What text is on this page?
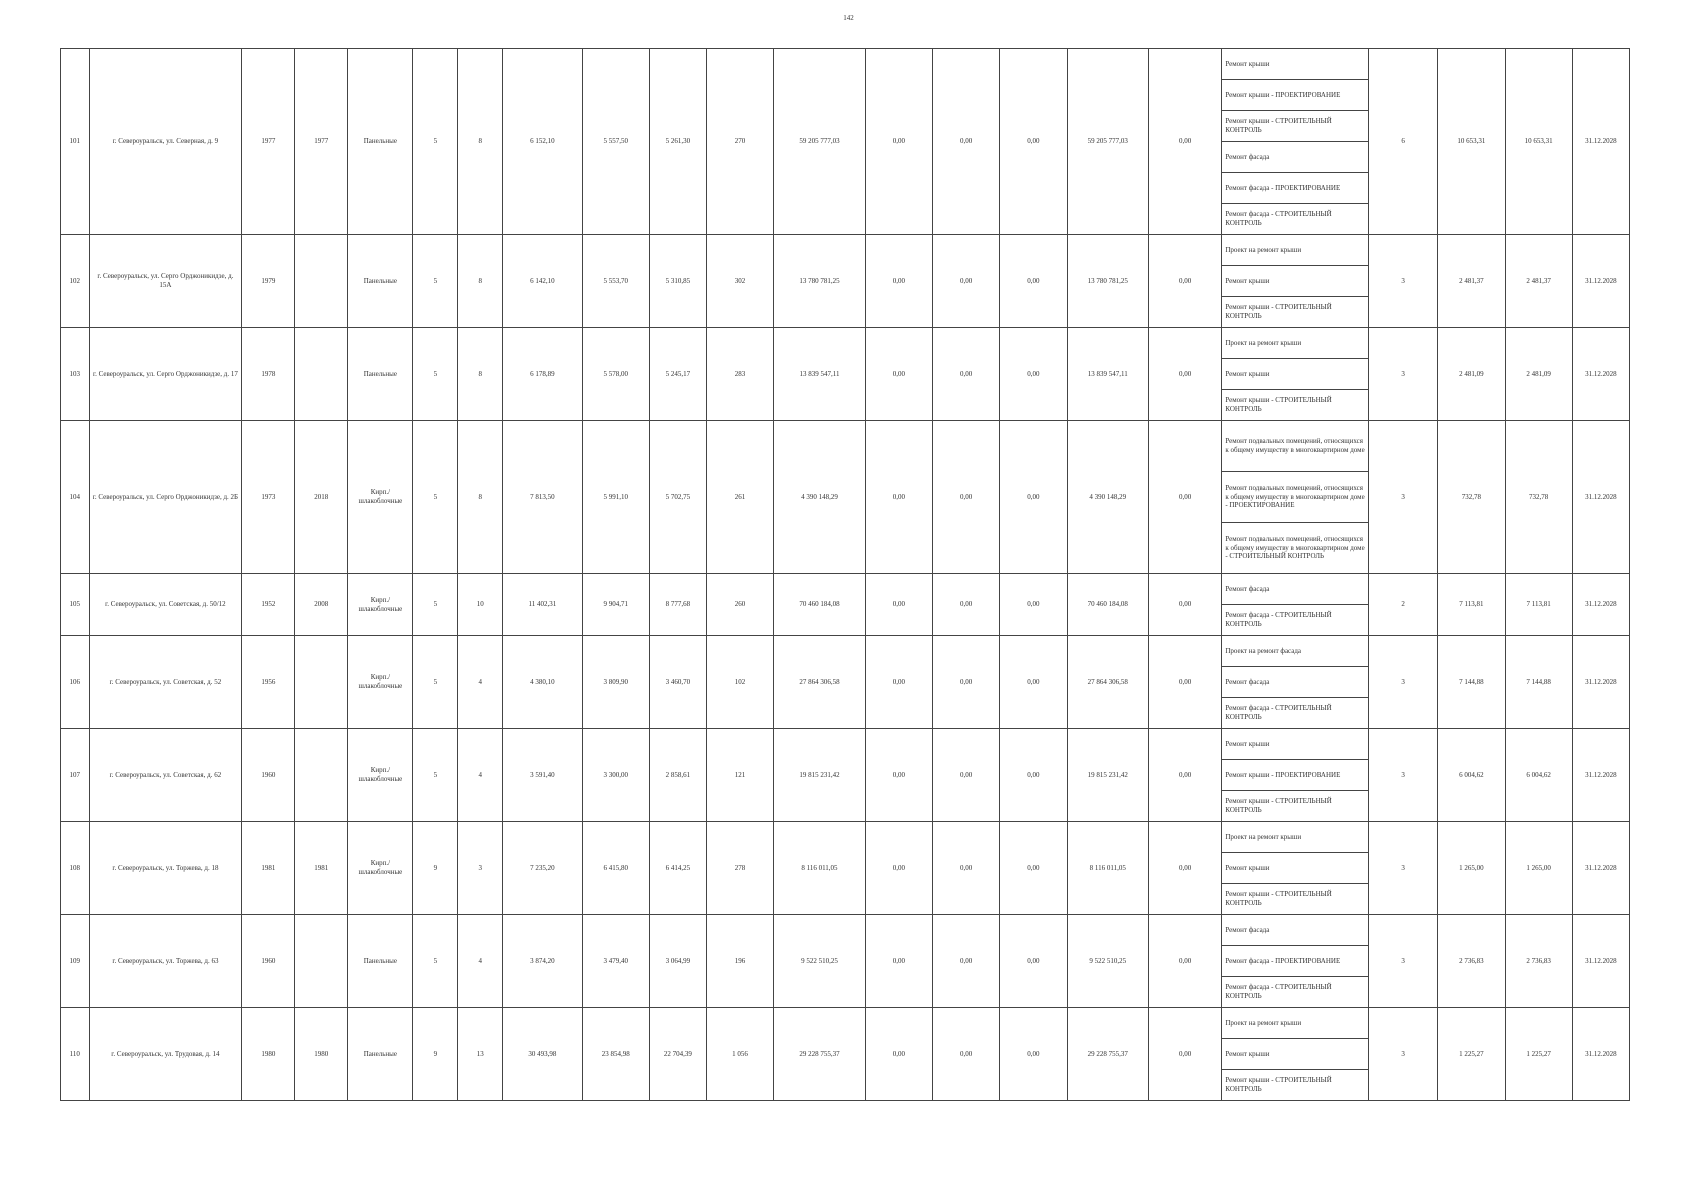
142
101	г. Североуральск, ул. Северная, д. 9	1977	1977	Панельные	5	8	6 152,10	5 557,50	5 261,30	270	59 205 777,03	0,00	0,00	0,00	59 205 777,03	0,00	Ремонт крыши	6	10 653,31	10 653,31	31.12.2028

																	Ремонт крыши - ПРОЕКТИРОВАНИЕ				

																	Ремонт крыши - СТРОИТЕЛЬНЫЙ КОНТРОЛЬ				

																	Ремонт фасада				

																	Ремонт фасада - ПРОЕКТИРОВАНИЕ				

																	Ремонт фасада - СТРОИТЕЛЬНЫЙ КОНТРОЛЬ				

102	г. Североуральск, ул. Серго Орджоникидзе, д. 15А	1979		Панельные	5	8	6 142,10	5 553,70	5 310,85	302	13 780 781,25	0,00	0,00	0,00	13 780 781,25	0,00	Проект на ремонт крыши	3	2 481,37	2 481,37	31.12.2028

																	Ремонт крыши				

																	Ремонт крыши - СТРОИТЕЛЬНЫЙ КОНТРОЛЬ				

103	г. Североуральск, ул. Серго Орджоникидзе, д. 17	1978		Панельные	5	8	6 178,89	5 578,00	5 245,17	283	13 839 547,11	0,00	0,00	0,00	13 839 547,11	0,00	Проект на ремонт крыши	3	2 481,09	2 481,09	31.12.2028

																	Ремонт крыши				

																	Ремонт крыши - СТРОИТЕЛЬНЫЙ КОНТРОЛЬ				

104	г. Североуральск, ул. Серго Орджоникидзе, д. 2Б	1973	2018	Кирп./шлакоблочные	5	8	7 813,50	5 991,10	5 702,75	261	4 390 148,29	0,00	0,00	0,00	4 390 148,29	0,00	Ремонт подвальных помещений, относящихся к общему имуществу в многоквартирном доме	3	732,78	732,78	31.12.2028

																	Ремонт подвальных помещений, относящихся к общему имуществу в многоквартирном доме - ПРОЕКТИРОВАНИЕ				

																	Ремонт подвальных помещений, относящихся к общему имуществу в многоквартирном доме - СТРОИТЕЛЬНЫЙ КОНТРОЛЬ				

105	г. Североуральск, ул. Советская, д. 50/12	1952	2008	Кирп./шлакоблочные	5	10	11 402,31	9 904,71	8 777,68	260	70 460 184,08	0,00	0,00	0,00	70 460 184,08	0,00	Ремонт фасада	2	7 113,81	7 113,81	31.12.2028

																	Ремонт фасада - СТРОИТЕЛЬНЫЙ КОНТРОЛЬ				

106	г. Североуральск, ул. Советская, д. 52	1956		Кирп./шлакоблочные	5	4	4 380,10	3 809,90	3 460,70	102	27 864 306,58	0,00	0,00	0,00	27 864 306,58	0,00	Проект на ремонт фасада	3	7 144,88	7 144,88	31.12.2028

																	Ремонт фасада				

																	Ремонт фасада - СТРОИТЕЛЬНЫЙ КОНТРОЛЬ				

107	г. Североуральск, ул. Советская, д. 62	1960		Кирп./шлакоблочные	5	4	3 591,40	3 300,00	2 858,61	121	19 815 231,42	0,00	0,00	0,00	19 815 231,42	0,00	Ремонт крыши	3	6 004,62	6 004,62	31.12.2028

																	Ремонт крыши - ПРОЕКТИРОВАНИЕ				

																	Ремонт крыши - СТРОИТЕЛЬНЫЙ КОНТРОЛЬ				

108	г. Североуральск, ул. Торжева, д. 18	1981	1981	Кирп./шлакоблочные	9	3	7 235,20	6 415,80	6 414,25	278	8 116 011,05	0,00	0,00	0,00	8 116 011,05	0,00	Проект на ремонт крыши	3	1 265,00	1 265,00	31.12.2028

																	Ремонт крыши				

																	Ремонт крыши - СТРОИТЕЛЬНЫЙ КОНТРОЛЬ				

109	г. Североуральск, ул. Торжева, д. 63	1960		Панельные	5	4	3 874,20	3 479,40	3 064,99	196	9 522 510,25	0,00	0,00	0,00	9 522 510,25	0,00	Ремонт фасада	3	2 736,83	2 736,83	31.12.2028

																	Ремонт фасада - ПРОЕКТИРОВАНИЕ				

																	Ремонт фасада - СТРОИТЕЛЬНЫЙ КОНТРОЛЬ				

110	г. Североуральск, ул. Трудовая, д. 14	1980	1980	Панельные	9	13	30 493,98	23 854,98	22 704,39	1 056	29 228 755,37	0,00	0,00	0,00	29 228 755,37	0,00	Проект на ремонт крыши	3	1 225,27	1 225,27	31.12.2028

																	Ремонт крыши				

																	Ремонт крыши - СТРОИТЕЛЬНЫЙ КОНТРОЛЬ				
